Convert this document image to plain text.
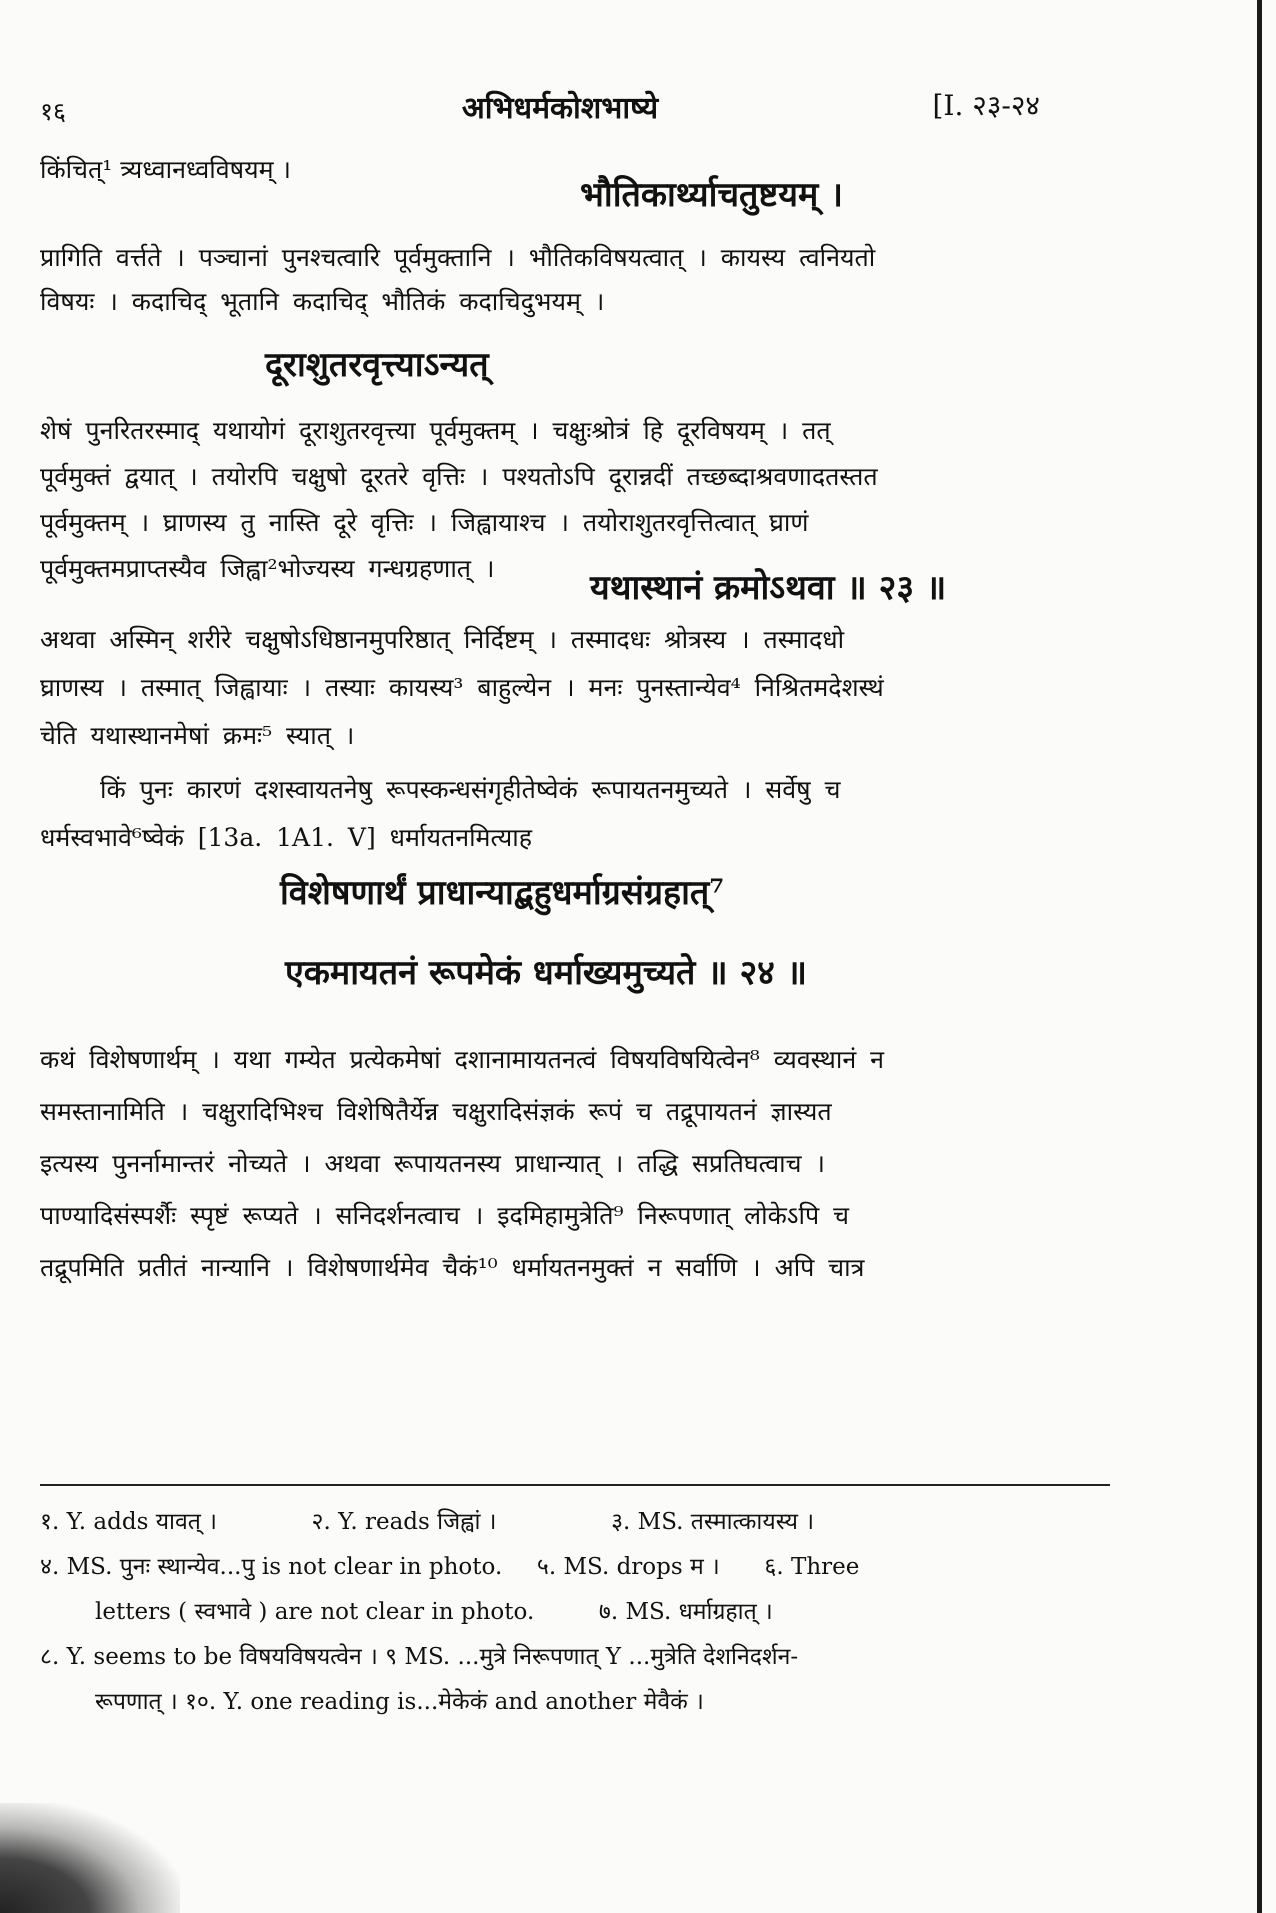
१६	अभिधर्मकोशभाष्ये	[I. २३-२४
किंचित्¹ त्र्यध्वानध्वविषयम् ।
भौतिकार्थ्याचतुष्टयम् ।
प्रागिति वर्त्तते । पञ्चानां पुनश्चत्वारि पूर्वमुक्तानि । भौतिकविषयत्वात् । कायस्य त्वनियतो
विषयः । कदाचिद् भूतानि कदाचिद् भौतिकं कदाचिदुभयम् ।
दूराशुतरवृत्त्याऽन्यत्
शेषं पुनरितरस्माद् यथायोगं दूराशुतरवृत्त्या पूर्वमुक्तम् । चक्षुःश्रोत्रं हि दूरविषयम् । तत्
पूर्वमुक्तं द्वयात् । तयोरपि चक्षुषो दूरतरे वृत्तिः । पश्यतोऽपि दूरान्नदीं तच्छब्दाश्रवणादतस्तत
पूर्वमुक्तम् । घ्राणस्य तु नास्ति दूरे वृत्तिः । जिह्वायाश्च । तयोराशुतरवृत्तित्वात् घ्राणं
पूर्वमुक्तमप्राप्तस्यैव जिह्वा²भोज्यस्य गन्धग्रहणात् ।	यथास्थानं क्रमोऽथवा ॥ २३ ॥
अथवा अस्मिन् शरीरे चक्षुषोऽधिष्ठानमुपरिष्ठात् निर्दिष्टम् । तस्मादधः श्रोत्रस्य । तस्मादधो
घ्राणस्य । तस्मात् जिह्वायाः । तस्याः कायस्य³ बाहुल्येन । मनः पुनस्तान्येव⁴ निश्रितमदेशस्थं
चेति यथास्थानमेषां क्रमः⁵ स्यात् ।
किं पुनः कारणं दशस्वायतनेषु रूपस्कन्धसंगृहीतेष्वेकं रूपायतनमुच्यते । सर्वेषु च
धर्मस्वभावे⁶ष्वेकं [13a. 1A1. V] धर्मायतनमित्याह
विशेषणार्थं प्राधान्याद्बहुधर्माग्रसंग्रहात्⁷
एकमायतनं रूपमेकं धर्माख्यमुच्यते ॥ २४ ॥
कथं विशेषणार्थम् । यथा गम्येत प्रत्येकमेषां दशानामायतनत्वं विषयविषयित्वेन⁸ व्यवस्थानं न
समस्तानामिति । चक्षुरादिभिश्च विशेषितैर्येन्न चक्षुरादिसंज्ञकं रूपं च तद्रूपायतनं ज्ञास्यत
इत्यस्य पुनर्नामान्तरं नोच्यते । अथवा रूपायतनस्य प्राधान्यात् । तद्धि सप्रतिघत्वाच ।
पाण्यादिसंस्पर्शैः स्पृष्टं रूप्यते । सनिदर्शनत्वाच । इदमिहामुत्रेति⁹ निरूपणात् लोकेऽपि च
तद्रूपमिति प्रतीतं नान्यानि । विशेषणार्थमेव चैकं¹⁰ धर्मायतनमुक्तं न सर्वाणि । अपि चात्र
१. Y. adds यावत् ।	२. Y. reads जिह्वां ।	३. MS. तस्मात्कायस्य ।
४. MS. पुनः स्थान्येव...पु is not clear in photo. ५. MS. drops म । ६. Three
letters ( स्वभावे ) are not clear in photo.	७. MS. धर्माग्रहात् ।
८. Y. seems to be विषयविषयत्वेन । ९ MS. ...मुत्रे निरूपणात् Y ...मुत्रेति देशनिदर्शन-
रूपणात् । १०. Y. one reading is...मेकेकं and another मेवैकं ।
